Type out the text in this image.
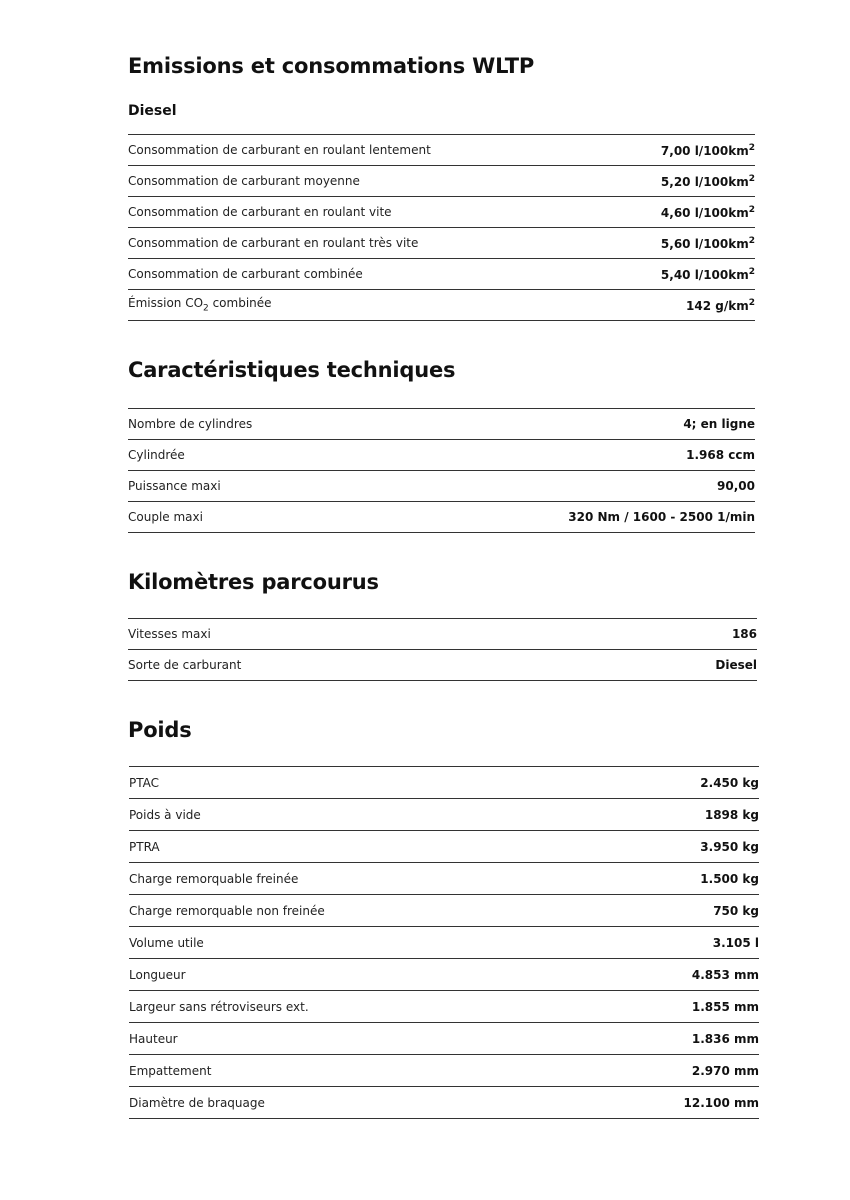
Emissions et consommations WLTP
Diesel
Consommation de carburant en roulant lentement	7,00 $l/100km^2$
Consommation de carburant moyenne	5,20 $l/100km^2$
Consommation de carburant en roulant vite	4,60 $l/100km^2$
Consommation de carburant en roulant très vite	5,60 $l/100km^2$
Consommation de carburant combinée	5,40 $l/100km^2$
Émission $CO_2$ combinée	142 $g/km^2$
Caractéristiques techniques
Nombre de cylindres	4; en ligne
Cylindrée	1.968 ccm
Puissance maxi	90,00
Couple maxi	320 Nm / 1600 - 2500 1/min
Kilomètres parcourus
Vitesses maxi	186
Sorte de carburant	Diesel
Poids
PTAC	2.450 kg
Poids à vide	1898 kg
PTRA	3.950 kg
Charge remorquable freinée	1.500 kg
Charge remorquable non freinée	750 kg
Volume utile	3.105 l
Longueur	4.853 mm
Largeur sans rétroviseurs ext.	1.855 mm
Hauteur	1.836 mm
Empattement	2.970 mm
Diamètre de braquage	12.100 mm
